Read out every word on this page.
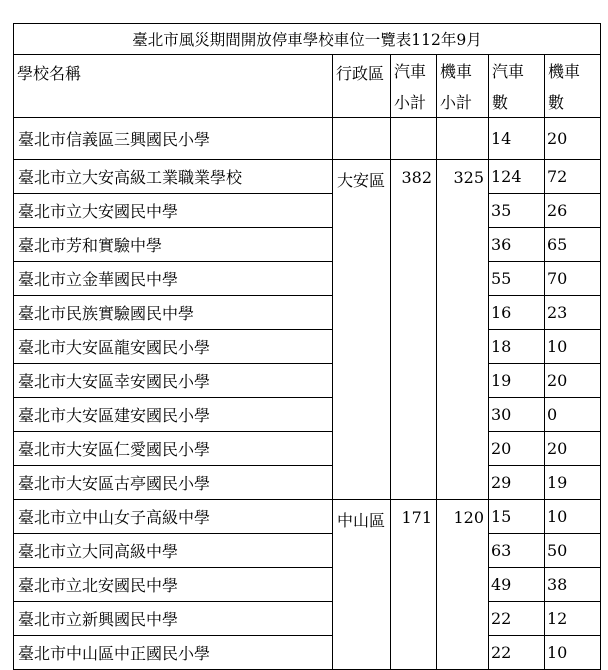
臺北市風災期間開放停車學校車位一覽表112年9月					
學校名稱	行政區	汽車	機車	汽車	機車
		小計	小計	數	數
臺北市信義區三興國民小學				14	20
臺北市立大安高級工業職業學校	大安區	382	325	124	72
臺北市立大安國民中學				35	26
臺北市芳和實驗中學				36	65
臺北市立金華國民中學				55	70
臺北市民族實驗國民中學				16	23
臺北市大安區龍安國民小學				18	10
臺北市大安區幸安國民小學				19	20
臺北市大安區建安國民小學				30	0
臺北市大安區仁愛國民小學				20	20
臺北市大安區古亭國民小學				29	19
臺北市立中山女子高級中學	中山區	171	120	15	10
臺北市立大同高級中學				63	50
臺北市立北安國民中學				49	38
臺北市立新興國民中學				22	12
臺北市中山區中正國民小學				22	10
